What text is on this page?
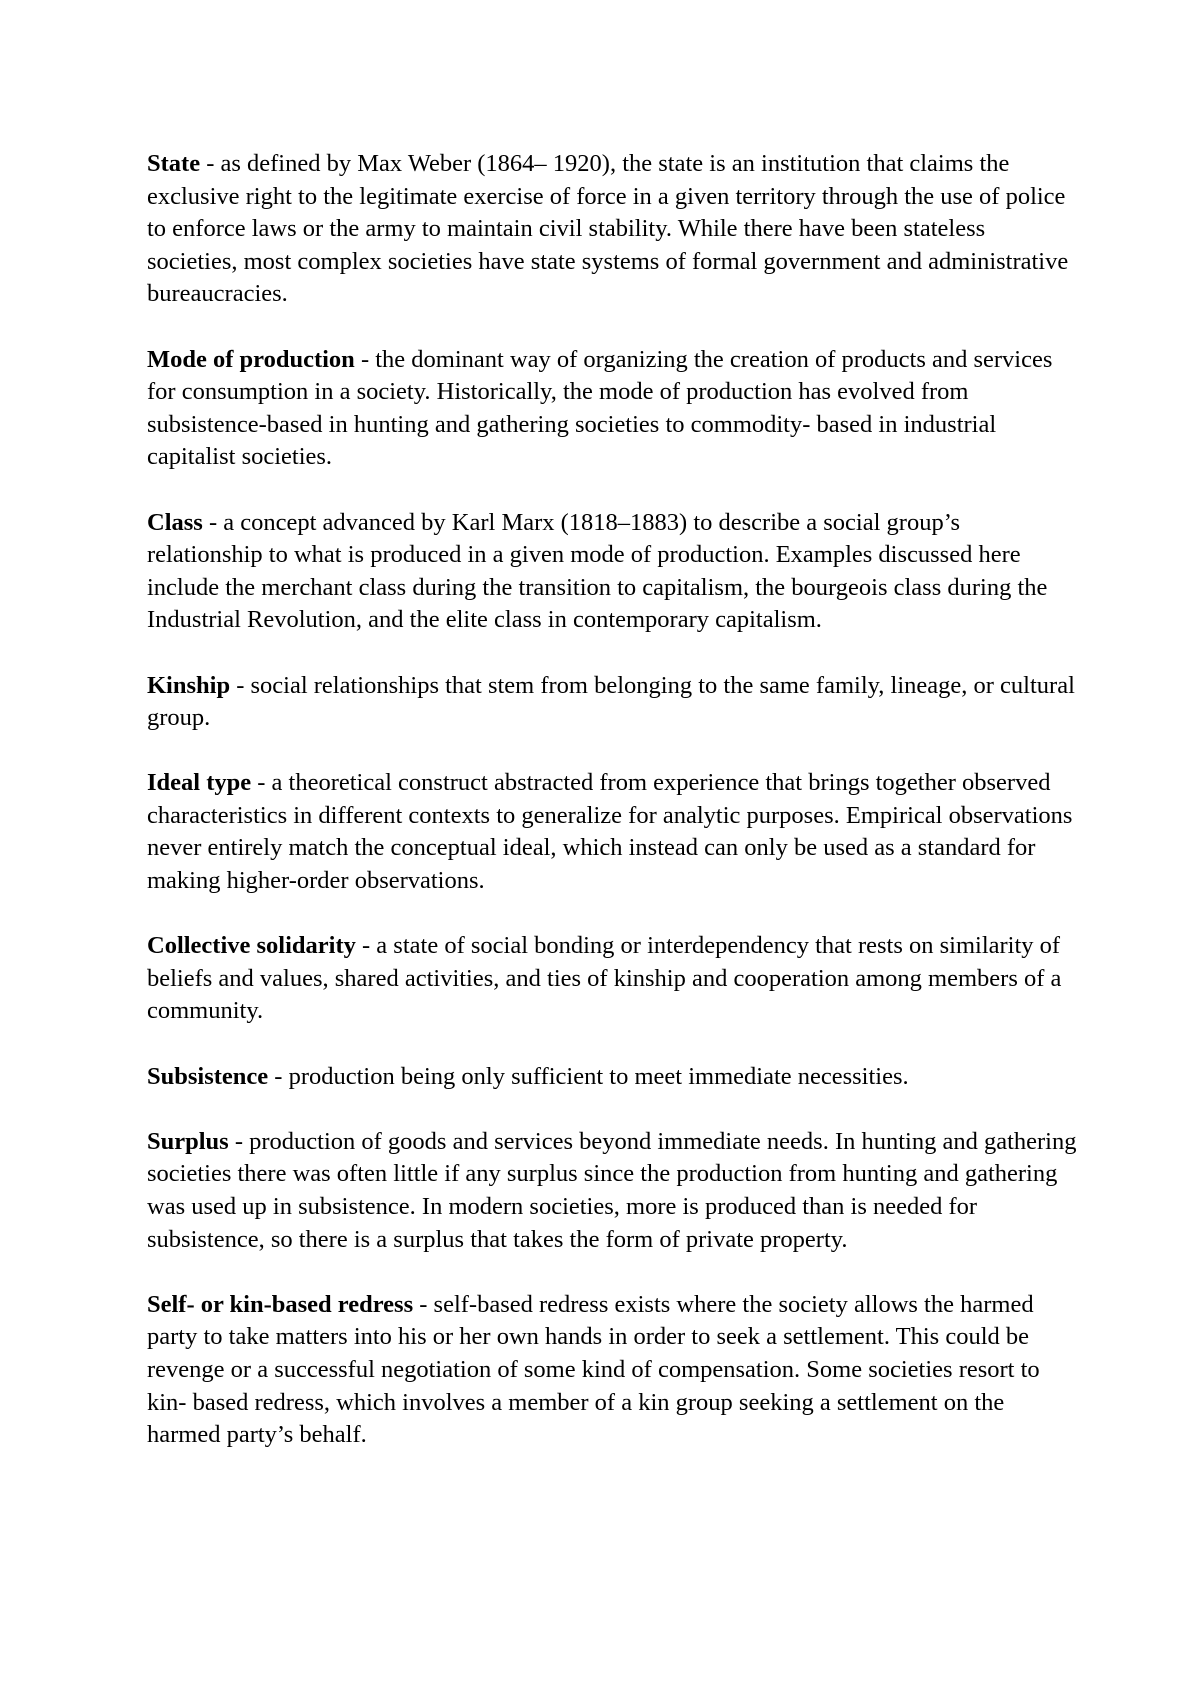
State - as defined by Max Weber (1864– 1920), the state is an institution that claims the exclusive right to the legitimate exercise of force in a given territory through the use of police to enforce laws or the army to maintain civil stability. While there have been stateless societies, most complex societies have state systems of formal government and administrative bureaucracies.

Mode of production - the dominant way of organizing the creation of products and services for consumption in a society. Historically, the mode of production has evolved from subsistence-based in hunting and gathering societies to commodity- based in industrial capitalist societies.

Class - a concept advanced by Karl Marx (1818–1883) to describe a social group’s relationship to what is produced in a given mode of production. Examples discussed here include the merchant class during the transition to capitalism, the bourgeois class during the Industrial Revolution, and the elite class in contemporary capitalism.

Kinship - social relationships that stem from belonging to the same family, lineage, or cultural group.

Ideal type - a theoretical construct abstracted from experience that brings together observed characteristics in different contexts to generalize for analytic purposes. Empirical observations never entirely match the conceptual ideal, which instead can only be used as a standard for making higher-order observations.

Collective solidarity - a state of social bonding or interdependency that rests on similarity of beliefs and values, shared activities, and ties of kinship and cooperation among members of a community.

Subsistence - production being only sufficient to meet immediate necessities.

Surplus - production of goods and services beyond immediate needs. In hunting and gathering societies there was often little if any surplus since the production from hunting and gathering was used up in subsistence. In modern societies, more is produced than is needed for subsistence, so there is a surplus that takes the form of private property.

Self- or kin-based redress - self-based redress exists where the society allows the harmed party to take matters into his or her own hands in order to seek a settlement. This could be revenge or a successful negotiation of some kind of compensation. Some societies resort to kin- based redress, which involves a member of a kin group seeking a settlement on the harmed party’s behalf.
